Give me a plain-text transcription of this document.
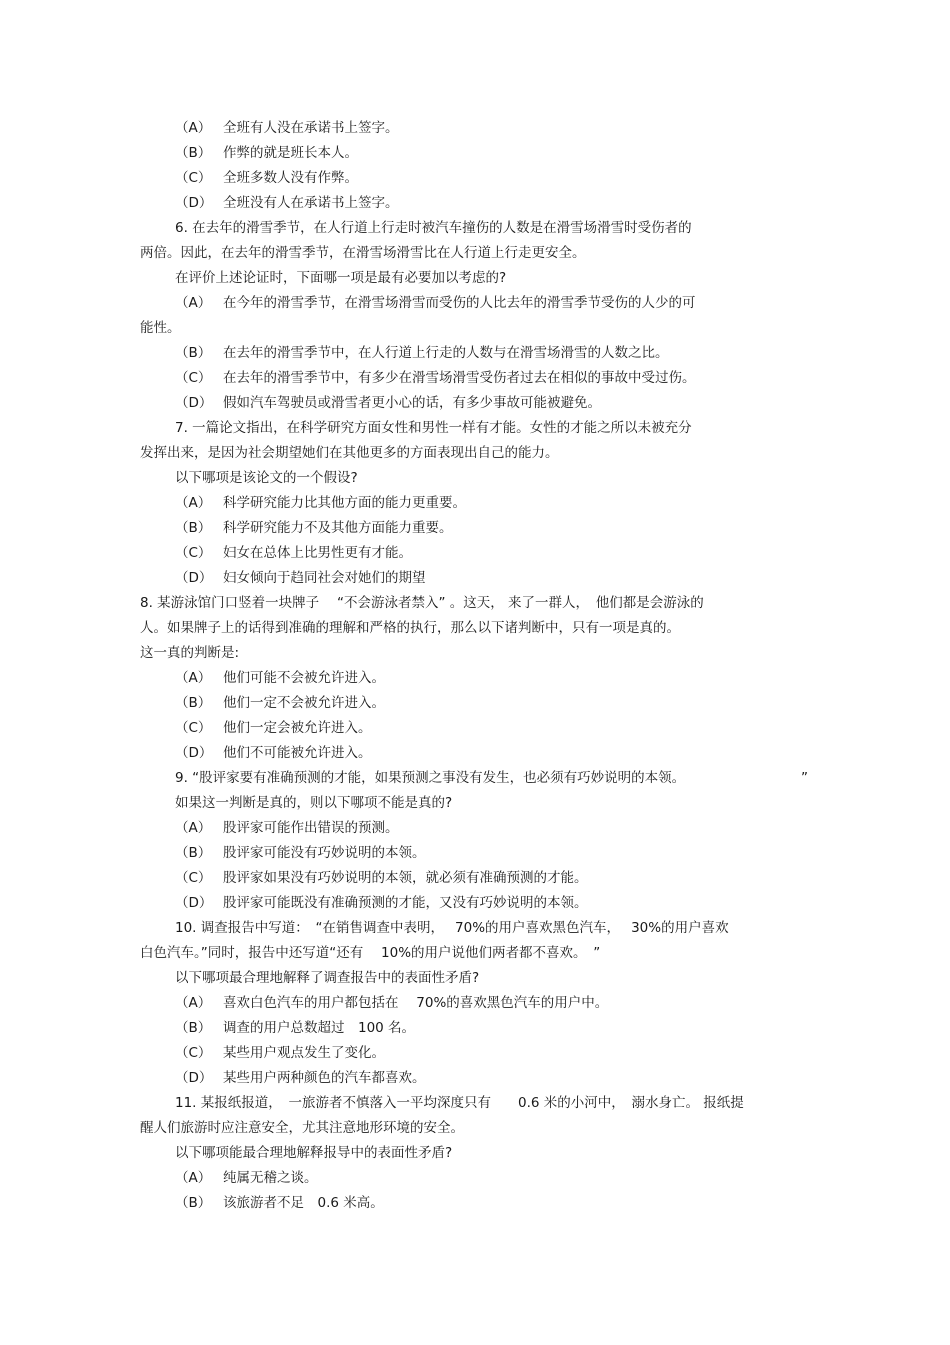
（A） 全班有人没在承诺书上签字。
（B） 作弊的就是班长本人。
（C） 全班多数人没有作弊。
（D） 全班没有人在承诺书上签字。
6. 在去年的滑雪季节，在人行道上行走时被汽车撞伤的人数是在滑雪场滑雪时受伤者的
两倍。因此，在去年的滑雪季节，在滑雪场滑雪比在人行道上行走更安全。
在评价上述论证时，下面哪一项是最有必要加以考虑的?
（A） 在今年的滑雪季节，在滑雪场滑雪而受伤的人比去年的滑雪季节受伤的人少的可
能性。
（B） 在去年的滑雪季节中，在人行道上行走的人数与在滑雪场滑雪的人数之比。
（C） 在去年的滑雪季节中，有多少在滑雪场滑雪受伤者过去在相似的事故中受过伤。
（D） 假如汽车驾驶员或滑雪者更小心的话，有多少事故可能被避免。
7. 一篇论文指出，在科学研究方面女性和男性一样有才能。女性的才能之所以未被充分
发挥出来，是因为社会期望她们在其他更多的方面表现出自己的能力。
以下哪项是该论文的一个假设?
（A） 科学研究能力比其他方面的能力更重要。
（B） 科学研究能力不及其他方面能力重要。
（C） 妇女在总体上比男性更有才能。
（D） 妇女倾向于趋同社会对她们的期望
8. 某游泳馆门口竖着一块牌子　 “不会游泳者禁入” 。这天， 来了一群人，　他们都是会游泳的
人。如果牌子上的话得到准确的理解和严格的执行，那么以下诸判断中，只有一项是真的。
这一真的判断是:
（A） 他们可能不会被允许进入。
（B） 他们一定不会被允许进入。
（C） 他们一定会被允许进入。
（D） 他们不可能被允许进入。
9. “股评家要有准确预测的才能，如果预测之事没有发生，也必须有巧妙说明的本领。	”
如果这一判断是真的，则以下哪项不能是真的?
（A） 股评家可能作出错误的预测。
（B） 股评家可能没有巧妙说明的本领。
（C） 股评家如果没有巧妙说明的本领，就必须有准确预测的才能。
（D） 股评家可能既没有准确预测的才能，又没有巧妙说明的本领。
10. 调查报告中写道：　“在销售调查中表明，　 70%的用户喜欢黑色汽车，　 30%的用户喜欢
白色汽车。”同时，报告中还写道“还有　 10%的用户说他们两者都不喜欢。　”
以下哪项最合理地解释了调查报告中的表面性矛盾?
（A） 喜欢白色汽车的用户都包括在　 70%的喜欢黑色汽车的用户中。
（B） 调查的用户总数超过　100 名。
（C） 某些用户观点发生了变化。
（D） 某些用户两种颜色的汽车都喜欢。
11. 某报纸报道，　一旅游者不慎落入一平均深度只有　　0.6 米的小河中，　溺水身亡。 报纸提
醒人们旅游时应注意安全，尤其注意地形环境的安全。
以下哪项能最合理地解释报导中的表面性矛盾?
（A） 纯属无稽之谈。
（B） 该旅游者不足　0.6 米高。
